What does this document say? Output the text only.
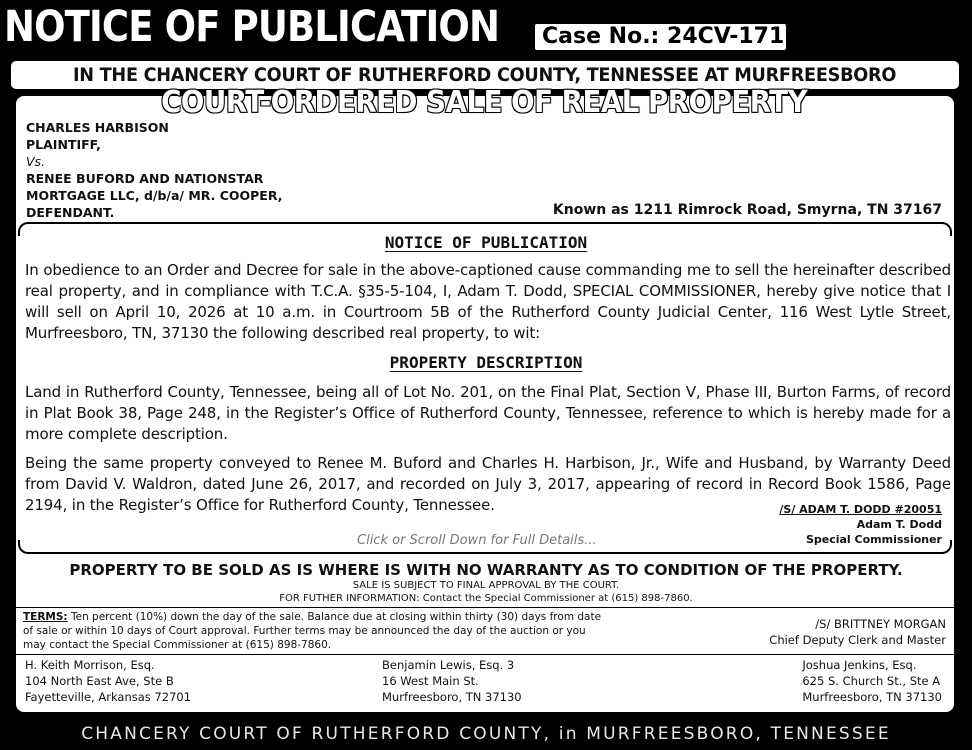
NOTICE OF PUBLICATION	Case No.: 24CV-1715
IN THE CHANCERY COURT OF RUTHERFORD COUNTY, TENNESSEE AT MURFREESBORO
COURT-ORDERED SALE OF REAL PROPERTY
CHARLES HARBISON
PLAINTIFF,
Vs.
RENEE BUFORD AND NATIONSTAR
MORTGAGE LLC, d/b/a/ MR. COOPER,
DEFENDANT.	Known as 1211 Rimrock Road, Smyrna, TN 37167
NOTICE OF PUBLICATION
In obedience to an Order and Decree for sale in the above-captioned cause commanding me to sell the hereinafter described real property, and in compliance with T.C.A. §35-5-104, I, Adam T. Dodd, SPECIAL COMMISSIONER, hereby give notice that I will sell on April 10, 2026 at 10 a.m. in Courtroom 5B of the Rutherford County Judicial Center, 116 West Lytle Street, Murfreesboro, TN, 37130 the following described real property, to wit:
PROPERTY DESCRIPTION
Land in Rutherford County, Tennessee, being all of Lot No. 201, on the Final Plat, Section V, Phase III, Burton Farms, of record in Plat Book 38, Page 248, in the Register’s Office of Rutherford County, Tennessee, reference to which is hereby made for a more complete description.
Being the same property conveyed to Renee M. Buford and Charles H. Harbison, Jr., Wife and Husband, by Warranty Deed from David V. Waldron, dated June 26, 2017, and recorded on July 3, 2017, appearing of record in Record Book 1586, Page 2194, in the Register’s Office for Rutherford County, Tennessee.	/S/ ADAM T. DODD #20051
Adam T. Dodd
Special Commissioner
Click or Scroll Down for Full Details...
PROPERTY TO BE SOLD AS IS WHERE IS WITH NO WARRANTY AS TO CONDITION OF THE PROPERTY.
SALE IS SUBJECT TO FINAL APPROVAL BY THE COURT.
FOR FUTHER INFORMATION: Contact the Special Commissioner at (615) 898-7860.
TERMS: Ten percent (10%) down the day of the sale. Balance due at closing within thirty (30) days from date of sale or within 10 days of Court approval. Further terms may be announced the day of the auction or you may contact the Special Commissioner at (615) 898-7860.
/S/ BRITTNEY MORGAN
Chief Deputy Clerk and Master
H. Keith Morrison, Esq.
104 North East Ave, Ste B
Fayetteville, Arkansas 72701
Benjamin Lewis, Esq. 3
16 West Main St.
Murfreesboro, TN 37130
Joshua Jenkins, Esq.
625 S. Church St., Ste A
Murfreesboro, TN 37130
CHANCERY COURT OF RUTHERFORD COUNTY, in MURFREESBORO, TENNESSEE
